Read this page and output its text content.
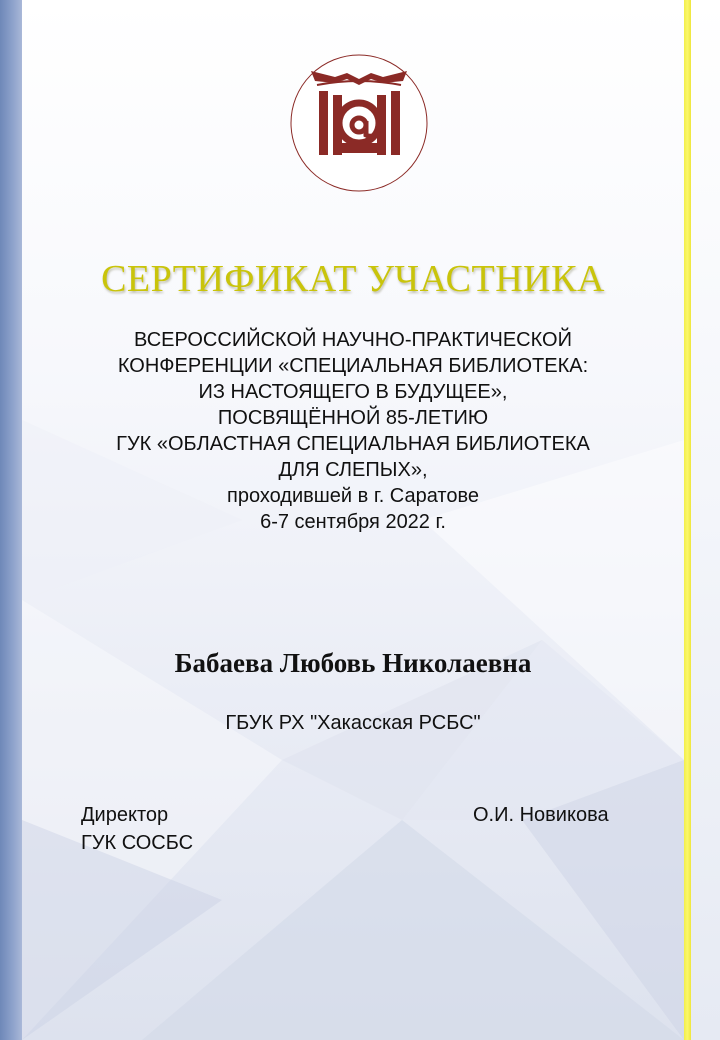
СЕРТИФИКАТ УЧАСТНИКА
ВСЕРОССИЙСКОЙ НАУЧНО-ПРАКТИЧЕСКОЙ
КОНФЕРЕНЦИИ «СПЕЦИАЛЬНАЯ БИБЛИОТЕКА:
ИЗ НАСТОЯЩЕГО В БУДУЩЕЕ»,
ПОСВЯЩЁННОЙ 85-ЛЕТИЮ
ГУК «ОБЛАСТНАЯ СПЕЦИАЛЬНАЯ БИБЛИОТЕКА
ДЛЯ СЛЕПЫХ»,
проходившей в г. Саратове
6-7 сентября 2022 г.
Бабаева Любовь Николаевна
ГБУК РХ "Хакасская РСБС"
Директор
ГУК СОСБС
О.И. Новикова
